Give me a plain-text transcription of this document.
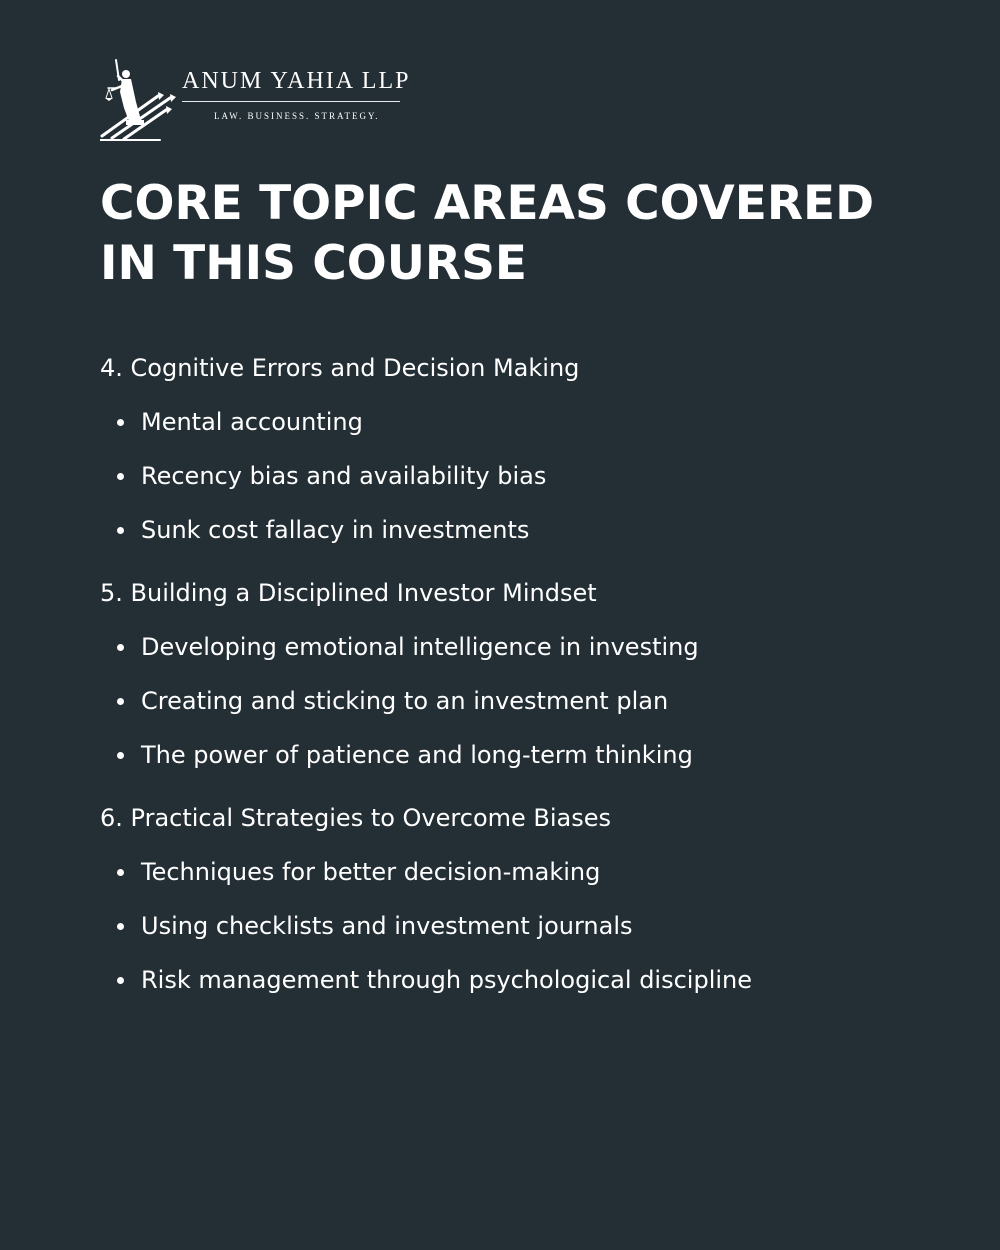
ANUM YAHIA LLP
LAW. BUSINESS. STRATEGY.
CORE TOPIC AREAS COVERED IN THIS COURSE
4. Cognitive Errors and Decision Making
Mental accounting
Recency bias and availability bias
Sunk cost fallacy in investments
5. Building a Disciplined Investor Mindset
Developing emotional intelligence in investing
Creating and sticking to an investment plan
The power of patience and long-term thinking
6. Practical Strategies to Overcome Biases
Techniques for better decision-making
Using checklists and investment journals
Risk management through psychological discipline
